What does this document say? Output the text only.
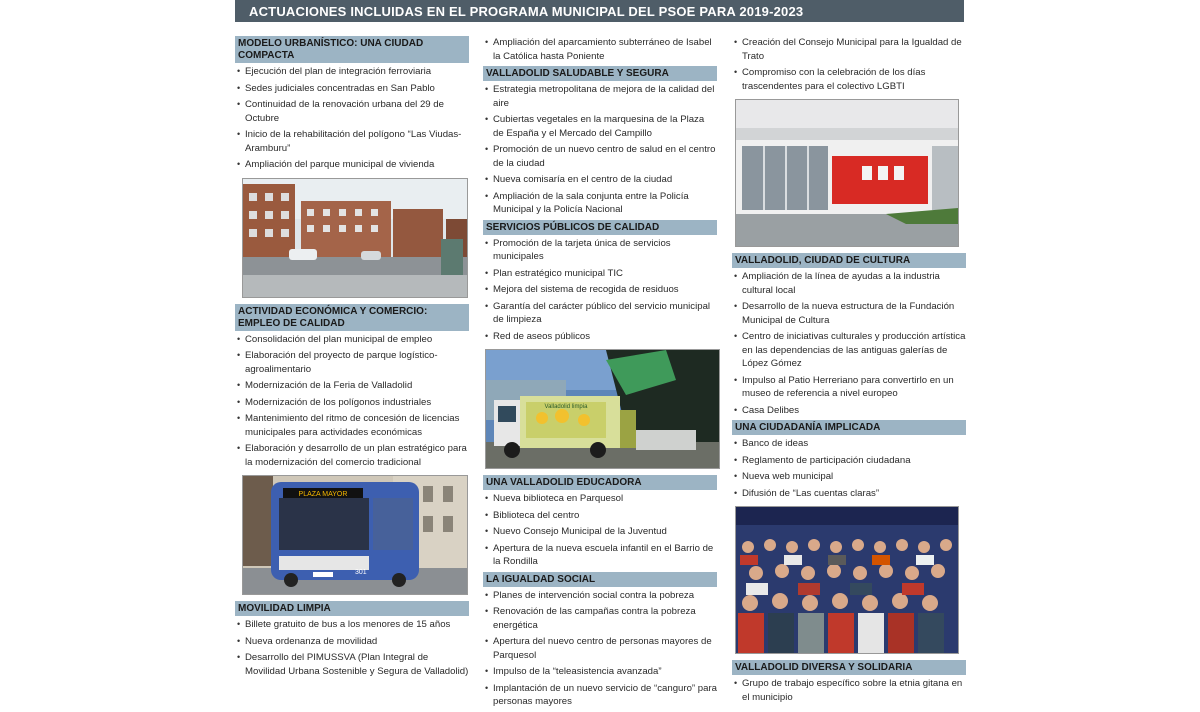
ACTUACIONES INCLUIDAS EN EL PROGRAMA MUNICIPAL DEL PSOE PARA 2019-2023
MODELO URBANÍSTICO: UNA CIUDAD COMPACTA
• Ejecución del plan de integración ferroviaria
• Sedes judiciales concentradas en San Pablo
• Continuidad de la renovación urbana del 29 de Octubre
• Inicio de la rehabilitación del polígono “Las Viudas-Aramburu”
• Ampliación del parque municipal de vivienda
ACTIVIDAD ECONÓMICA Y COMERCIO: EMPLEO DE CALIDAD
• Consolidación del plan municipal de empleo
• Elaboración del proyecto de parque logístico-agroalimentario
• Modernización de la Feria de Valladolid
• Modernización de los polígonos industriales
• Mantenimiento del ritmo de concesión de licencias municipales para actividades económicas
• Elaboración y desarrollo de un plan estratégico para la modernización del comercio tradicional
PLAZA MAYOR
301
MOVILIDAD LIMPIA
• Billete gratuito de bus a los menores de 15 años
• Nueva ordenanza de movilidad
• Desarrollo del PIMUSSVA (Plan Integral de Movilidad Urbana Sostenible y Segura de Valladolid)
• Ampliación del aparcamiento subterráneo de Isabel la Católica hasta Poniente
VALLADOLID SALUDABLE Y SEGURA
• Estrategia metropolitana de mejora de la calidad del aire
• Cubiertas vegetales en la marquesina de la Plaza de España y el Mercado del Campillo
• Promoción de un nuevo centro de salud en el centro de la ciudad
• Nueva comisaría en el centro de la ciudad
• Ampliación de la sala conjunta entre la Policía Municipal y la Policía Nacional
SERVICIOS PÚBLICOS DE CALIDAD
• Promoción de la tarjeta única de servicios municipales
• Plan estratégico municipal TIC
• Mejora del sistema de recogida de residuos
• Garantía del carácter público del servicio municipal de limpieza
• Red de aseos públicos
Valladolid limpia
UNA VALLADOLID EDUCADORA
• Nueva biblioteca en Parquesol
• Biblioteca del centro
• Nuevo Consejo Municipal de la Juventud
• Apertura de la nueva escuela infantil en el Barrio de la Rondilla
LA IGUALDAD SOCIAL
• Planes de intervención social contra la pobreza
• Renovación de las campañas contra la pobreza energética
• Apertura del nuevo centro de personas mayores de Parquesol
• Impulso de la “teleasistencia avanzada”
• Implantación de un nuevo servicio de “canguro” para personas mayores
• Creación del Consejo Municipal para la Igualdad de Trato
• Compromiso con la celebración de los días trascendentes para el colectivo LGBTI
VALLADOLID, CIUDAD DE CULTURA
• Ampliación de la línea de ayudas a la industria cultural local
• Desarrollo de la nueva estructura de la Fundación Municipal de Cultura
• Centro de iniciativas culturales y producción artística en las dependencias de las antiguas galerías de López Gómez
• Impulso al Patio Herreriano para convertirlo en un museo de referencia a nivel europeo
• Casa Delibes
UNA CIUDADANÍA IMPLICADA
• Banco de ideas
• Reglamento de participación ciudadana
• Nueva web municipal
• Difusión de “Las cuentas claras”
VALLADOLID DIVERSA Y SOLIDARIA
• Grupo de trabajo específico sobre la etnia gitana en el municipio
